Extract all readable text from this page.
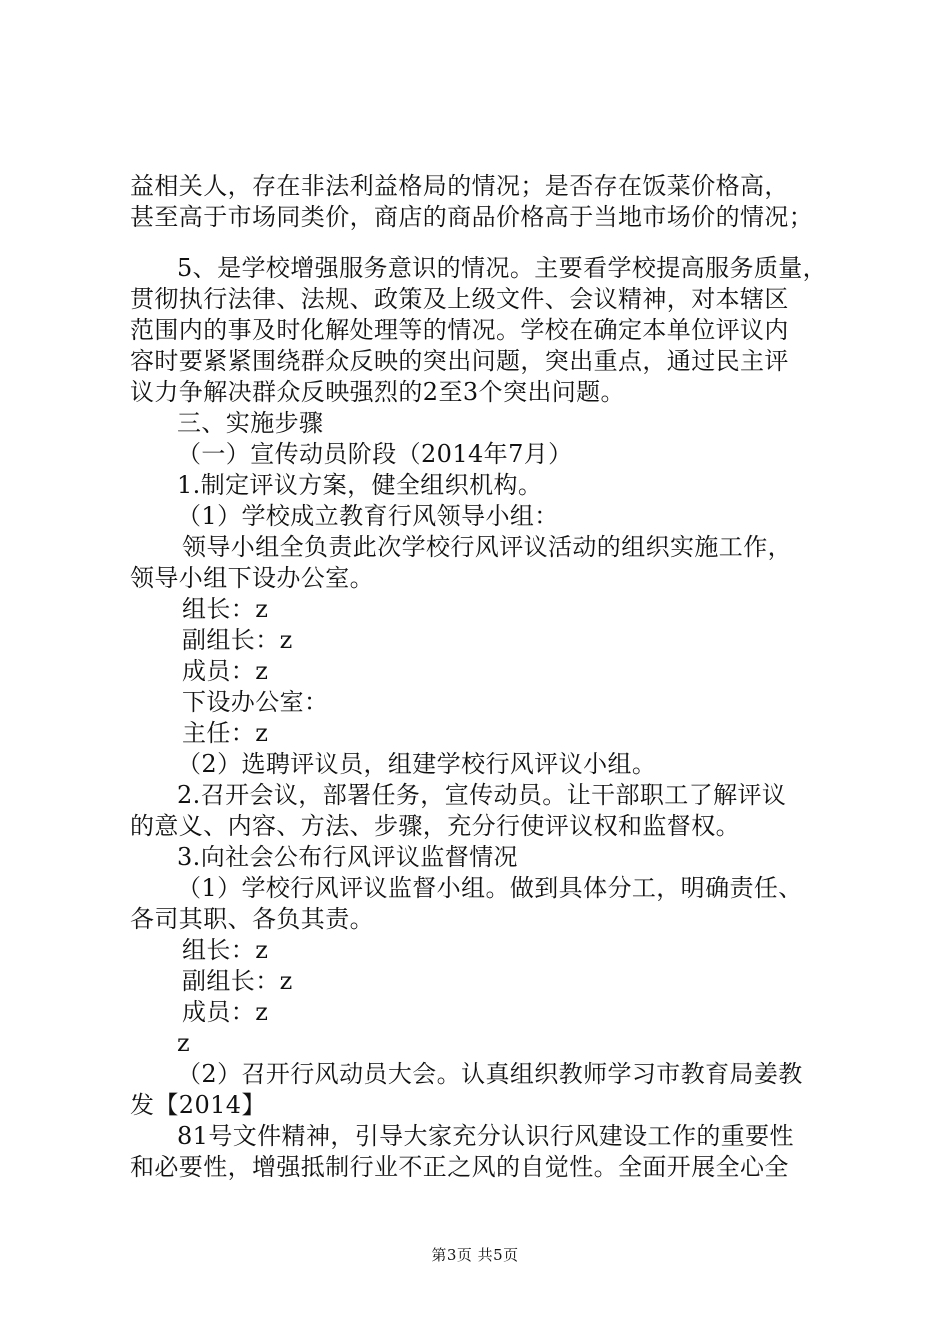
益相关人，存在非法利益格局的情况；是否存在饭菜价格高，
甚至高于市场同类价，商店的商品价格高于当地市场价的情况；
5、是学校增强服务意识的情况。主要看学校提高服务质量，
贯彻执行法律、法规、政策及上级文件、会议精神，对本辖区
范围内的事及时化解处理等的情况。学校在确定本单位评议内
容时要紧紧围绕群众反映的突出问题，突出重点，通过民主评
议力争解决群众反映强烈的2至3个突出问题。
三、实施步骤
（一）宣传动员阶段（2014年7月）
1.制定评议方案，健全组织机构。
（1）学校成立教育行风领导小组：
领导小组全负责此次学校行风评议活动的组织实施工作，
领导小组下设办公室。
组长：z
副组长：z
成员：z
下设办公室：
主任：z
（2）选聘评议员，组建学校行风评议小组。
2.召开会议，部署任务，宣传动员。让干部职工了解评议
的意义、内容、方法、步骤，充分行使评议权和监督权。
3.向社会公布行风评议监督情况
（1）学校行风评议监督小组。做到具体分工，明确责任、
各司其职、各负其责。
组长：z
副组长：z
成员：z
z
（2）召开行风动员大会。认真组织教师学习市教育局姜教
发【2014】
81号文件精神，引导大家充分认识行风建设工作的重要性
和必要性，增强抵制行业不正之风的自觉性。全面开展全心全
第3页 共5页
